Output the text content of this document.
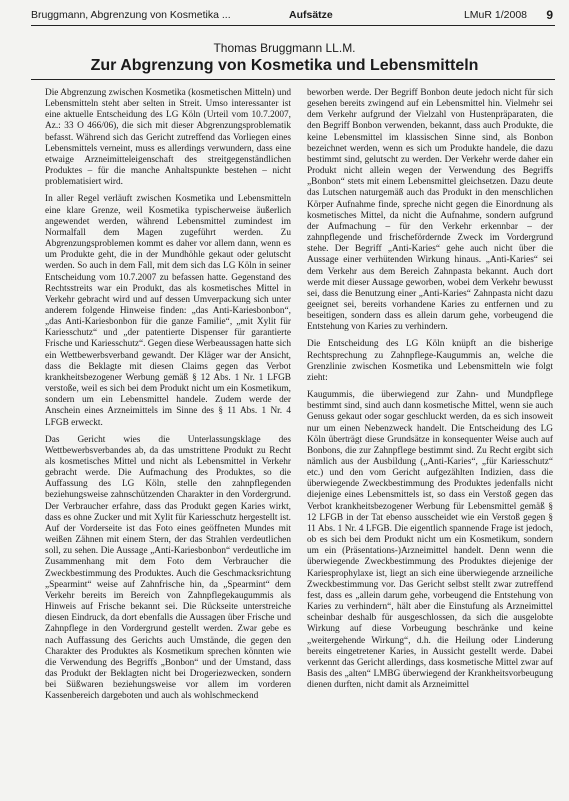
Bruggmann, Abgrenzung von Kosmetika ...	Aufsätze	LMuR 1/2008 9
Thomas Bruggmann LL.M.
Zur Abgrenzung von Kosmetika und Lebensmitteln

Die Abgrenzung zwischen Kosmetika (kosmetischen Mitteln) und Lebensmitteln steht aber selten in Streit. Umso interessanter ist eine aktuelle Entscheidung des LG Köln (Urteil vom 10.7.2007, Az.: 33 O 466/06), die sich mit dieser Abgrenzungsproblematik befasst. Während sich das Gericht zutreffend das Vorliegen eines Lebensmittels verneint, muss es allerdings verwundern, dass eine etwaige Arzneimitteleigenschaft des streitgegenständlichen Produktes – für die manche Anhaltspunkte bestehen – nicht problematisiert wird.

In aller Regel verläuft zwischen Kosmetika und Lebensmitteln eine klare Grenze, weil Kosmetika typischerweise äußerlich angewendet werden, während Lebensmittel zumindest im Normalfall dem Magen zugeführt werden. Zu Abgrenzungsproblemen kommt es daher vor allem dann, wenn es um Produkte geht, die in der Mundhöhle gekaut oder gelutscht werden. So auch in dem Fall, mit dem sich das LG Köln in seiner Entscheidung vom 10.7.2007 zu befassen hatte. Gegenstand des Rechtsstreits war ein Produkt, das als kosmetisches Mittel in Verkehr gebracht wird und auf dessen Umverpackung sich unter anderem folgende Hinweise finden: „das Anti-Kariesbonbon“, „das Anti-Kariesbonbon für die ganze Familie“, „mit Xylit für Kariesschutz“ und „der patentierte Dispenser für garantierte Frische und Kariesschutz“. Gegen diese Werbeaussagen hatte sich ein Wettbewerbsverband gewandt. Der Kläger war der Ansicht, dass die Beklagte mit diesen Claims gegen das Verbot krankheitsbezogener Werbung gemäß § 12 Abs. 1 Nr. 1 LFGB verstoße, weil es sich bei dem Produkt nicht um ein Kosmetikum, sondern um ein Lebensmittel handele. Zudem werde der Anschein eines Arzneimittels im Sinne des § 11 Abs. 1 Nr. 4 LFGB erweckt.

Das Gericht wies die Unterlassungsklage des Wettbewerbsverbandes ab, da das umstrittene Produkt zu Recht als kosmetisches Mittel und nicht als Lebensmittel in Verkehr gebracht werde. Die Aufmachung des Produktes, so die Auffassung des LG Köln, stelle den zahnpflegenden beziehungsweise zahnschützenden Charakter in den Vordergrund. Der Verbraucher erfahre, dass das Produkt gegen Karies wirkt, dass es ohne Zucker und mit Xylit für Kariesschutz hergestellt ist. Auf der Vorderseite ist das Foto eines geöffneten Mundes mit weißen Zähnen mit einem Stern, der das Strahlen verdeutlichen soll, zu sehen. Die Aussage „Anti-Kariesbonbon“ verdeutliche im Zusammenhang mit dem Foto dem Verbraucher die Zweckbestimmung des Produktes. Auch die Geschmacksrichtung „Spearmint“ weise auf Zahnfrische hin, da „Spearmint“ dem Verkehr bereits im Bereich von Zahnpflegekaugummis als Hinweis auf Frische bekannt sei. Die Rückseite unterstreiche diesen Eindruck, da dort ebenfalls die Aussagen über Frische und Zahnpflege in den Vordergrund gestellt werden. Zwar gebe es nach Auffassung des Gerichts auch Umstände, die gegen den Charakter des Produktes als Kosmetikum sprechen könnten wie die Verwendung des Begriffs „Bonbon“ und der Umstand, dass das Produkt der Beklagten nicht bei Drogeriezwecken, sondern bei Süßwaren beziehungsweise vor allem im vorderen Kassenbereich dargeboten und auch als wohlschmeckend

beworben werde. Der Begriff Bonbon deute jedoch nicht für sich gesehen bereits zwingend auf ein Lebensmittel hin. Vielmehr sei dem Verkehr aufgrund der Vielzahl von Hustenpräparaten, die den Begriff Bonbon verwenden, bekannt, dass auch Produkte, die keine Lebensmittel im klassischen Sinne sind, als Bonbon bezeichnet werden, wenn es sich um Produkte handele, die dazu bestimmt sind, gelutscht zu werden. Der Verkehr werde daher ein Produkt nicht allein wegen der Verwendung des Begriffs „Bonbon“ stets mit einem Lebensmittel gleichsetzen. Dazu deute das Lutschen naturgemäß auch das Produkt in den menschlichen Körper Aufnahme finde, spreche nicht gegen die Einordnung als kosmetisches Mittel, da nicht die Aufnahme, sondern aufgrund der Aufmachung – für den Verkehr erkennbar – der zahnpflegende und frischefördernde Zweck im Vordergrund stehe. Der Begriff „Anti-Karies“ gehe auch nicht über die Aussage einer verhütenden Wirkung hinaus. „Anti-Karies“ sei dem Verkehr aus dem Bereich Zahnpasta bekannt. Auch dort werde mit dieser Aussage geworben, wobei dem Verkehr bewusst sei, dass die Benutzung einer „Anti-Karies“ Zahnpasta nicht dazu geeignet sei, bereits vorhandene Karies zu entfernen und zu beseitigen, sondern dass es allein darum gehe, vorbeugend die Entstehung von Karies zu verhindern.

Die Entscheidung des LG Köln knüpft an die bisherige Rechtsprechung zu Zahnpflege-Kaugummis an, welche die Grenzlinie zwischen Kosmetika und Lebensmitteln wie folgt zieht:

Kaugummis, die überwiegend zur Zahn- und Mundpflege bestimmt sind, sind auch dann kosmetische Mittel, wenn sie auch Genuss gekaut oder sogar geschluckt werden, da es sich insoweit nur um einen Nebenzweck handelt. Die Entscheidung des LG Köln überträgt diese Grundsätze in konsequenter Weise auch auf Bonbons, die zur Zahnpflege bestimmt sind. Zu Recht ergibt sich nämlich aus der Ausbildung („Anti-Karies“, „für Kariesschutz“ etc.) und den vom Gericht aufgezählten Indizien, dass die überwiegende Zweckbestimmung des Produktes jedenfalls nicht diejenige eines Lebensmittels ist, so dass ein Verstoß gegen das Verbot krankheitsbezogener Werbung für Lebensmittel gemäß § 12 LFGB in der Tat ebenso ausscheidet wie ein Verstoß gegen § 11 Abs. 1 Nr. 4 LFGB. Die eigentlich spannende Frage ist jedoch, ob es sich bei dem Produkt nicht um ein Kosmetikum, sondern um ein (Präsentations-)Arzneimittel handelt. Denn wenn die überwiegende Zweckbestimmung des Produktes diejenige der Kariesprophylaxe ist, liegt an sich eine überwiegende arzneiliche Zweckbestimmung vor. Das Gericht selbst stellt zwar zutreffend fest, dass es „allein darum gehe, vorbeugend die Entstehung von Karies zu verhindern“, hält aber die Einstufung als Arzneimittel scheinbar deshalb für ausgeschlossen, da sich die ausgelobte Wirkung auf diese Vorbeugung beschränke und keine „weitergehende Wirkung“, d.h. die Heilung oder Linderung bereits eingetretener Karies, in Aussicht gestellt werde. Dabei verkennt das Gericht allerdings, dass kosmetische Mittel zwar auf Basis des „alten“ LMBG überwiegend der Krankheitsvorbeugung dienen durften, nicht damit als Arzneimittel
